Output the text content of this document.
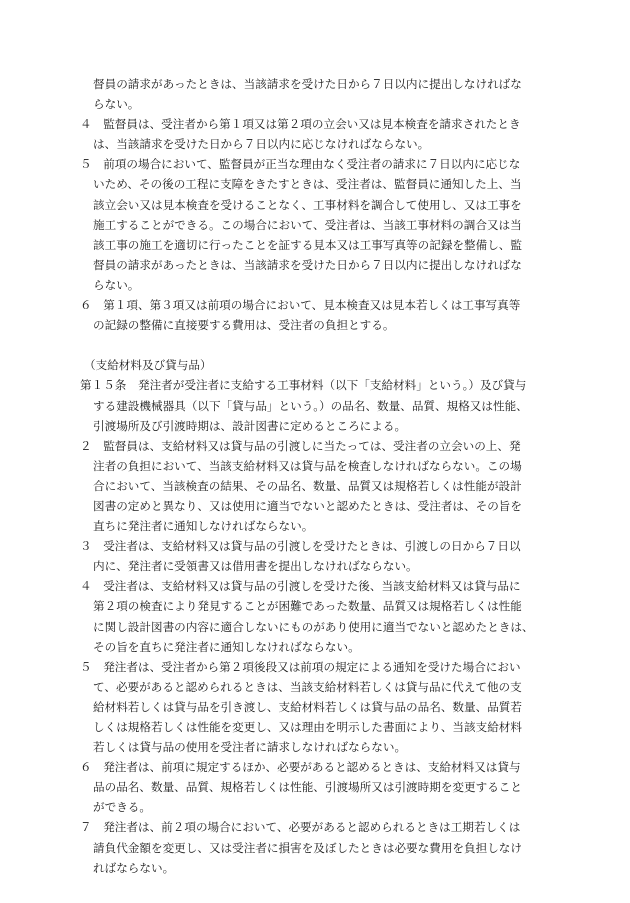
督員の請求があったときは、当該請求を受けた日から７日以内に提出しなければな
らない。
４　監督員は、受注者から第１項又は第２項の立会い又は見本検査を請求されたとき
は、当該請求を受けた日から７日以内に応じなければならない。
５　前項の場合において、監督員が正当な理由なく受注者の請求に７日以内に応じな
いため、その後の工程に支障をきたすときは、受注者は、監督員に通知した上、当
該立会い又は見本検査を受けることなく、工事材料を調合して使用し、又は工事を
施工することができる。この場合において、受注者は、当該工事材料の調合又は当
該工事の施工を適切に行ったことを証する見本又は工事写真等の記録を整備し、監
督員の請求があったときは、当該請求を受けた日から７日以内に提出しなければな
らない。
６　第１項、第３項又は前項の場合において、見本検査又は見本若しくは工事写真等
の記録の整備に直接要する費用は、受注者の負担とする。
（支給材料及び貸与品）
第１５条　発注者が受注者に支給する工事材料（以下「支給材料」という。）及び貸与
する建設機械器具（以下「貸与品」という。）の品名、数量、品質、規格又は性能、
引渡場所及び引渡時期は、設計図書に定めるところによる。
２　監督員は、支給材料又は貸与品の引渡しに当たっては、受注者の立会いの上、発
注者の負担において、当該支給材料又は貸与品を検査しなければならない。この場
合において、当該検査の結果、その品名、数量、品質又は規格若しくは性能が設計
図書の定めと異なり、又は使用に適当でないと認めたときは、受注者は、その旨を
直ちに発注者に通知しなければならない。
３　受注者は、支給材料又は貸与品の引渡しを受けたときは、引渡しの日から７日以
内に、発注者に受領書又は借用書を提出しなければならない。
４　受注者は、支給材料又は貸与品の引渡しを受けた後、当該支給材料又は貸与品に
第２項の検査により発見することが困難であった数量、品質又は規格若しくは性能
に関し設計図書の内容に適合しないにものがあり使用に適当でないと認めたときは、
その旨を直ちに発注者に通知しなければならない。
５　発注者は、受注者から第２項後段又は前項の規定による通知を受けた場合におい
て、必要があると認められるときは、当該支給材料若しくは貸与品に代えて他の支
給材料若しくは貸与品を引き渡し、支給材料若しくは貸与品の品名、数量、品質若
しくは規格若しくは性能を変更し、又は理由を明示した書面により、当該支給材料
若しくは貸与品の使用を受注者に請求しなければならない。
６　発注者は、前項に規定するほか、必要があると認めるときは、支給材料又は貸与
品の品名、数量、品質、規格若しくは性能、引渡場所又は引渡時期を変更すること
ができる。
７　発注者は、前２項の場合において、必要があると認められるときは工期若しくは
請負代金額を変更し、又は受注者に損害を及ぼしたときは必要な費用を負担しなけ
ればならない。
